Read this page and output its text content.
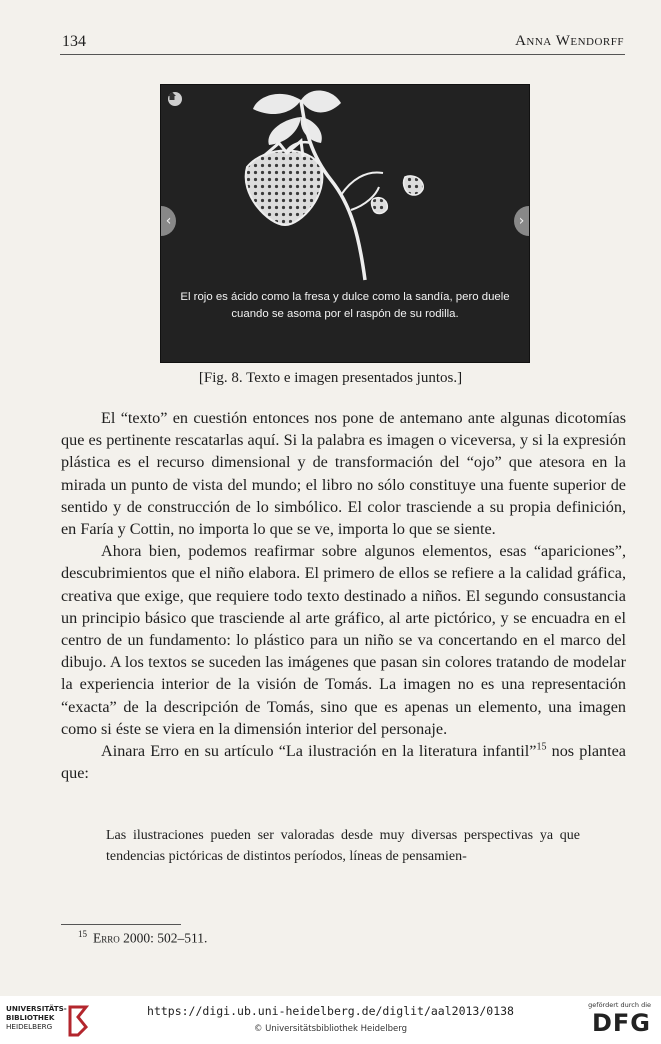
134	Anna Wendorff
‹	›
El rojo es ácido como la fresa y dulce como la sandía, pero duele
cuando se asoma por el raspón de su rodilla.
[Fig. 8. Texto e imagen presentados juntos.]

El “texto” en cuestión entonces nos pone de antemano ante algunas dicotomías que es pertinente rescatarlas aquí. Si la palabra es imagen o viceversa, y si la expresión plástica es el recurso dimensional y de transformación del “ojo” que atesora en la mirada un punto de vista del mundo; el libro no sólo constituye una fuente superior de sentido y de construcción de lo simbólico. El color trasciende a su propia definición, en Faría y Cottin, no importa lo que se ve, importa lo que se siente.

Ahora bien, podemos reafirmar sobre algunos elementos, esas “apariciones”, descubrimientos que el niño elabora. El primero de ellos se refiere a la calidad gráfica, creativa que exige, que requiere todo texto destinado a niños. El segundo consustancia un principio básico que trasciende al arte gráfico, al arte pictórico, y se encuadra en el centro de un fundamento: lo plástico para un niño se va concertando en el marco del dibujo. A los textos se suceden las imágenes que pasan sin colores tratando de modelar la experiencia interior de la visión de Tomás. La imagen no es una representación “exacta” de la descripción de Tomás, sino que es apenas un elemento, una imagen como si éste se viera en la dimensión interior del personaje.

Ainara Erro en su artículo “La ilustración en la literatura infantil”$^{15}$ nos plantea que:

Las ilustraciones pueden ser valoradas desde muy diversas perspectivas ya que tendencias pictóricas de distintos períodos, líneas de pensamien-

$^{15}$ Erro 2000: 502–511.
UNIVERSITÄTS-
BIBLIOTHEK
HEIDELBERG
https://digi.ub.uni-heidelberg.de/diglit/aal2013/0138
© Universitätsbibliothek Heidelberg
gefördert durch die
DFG
